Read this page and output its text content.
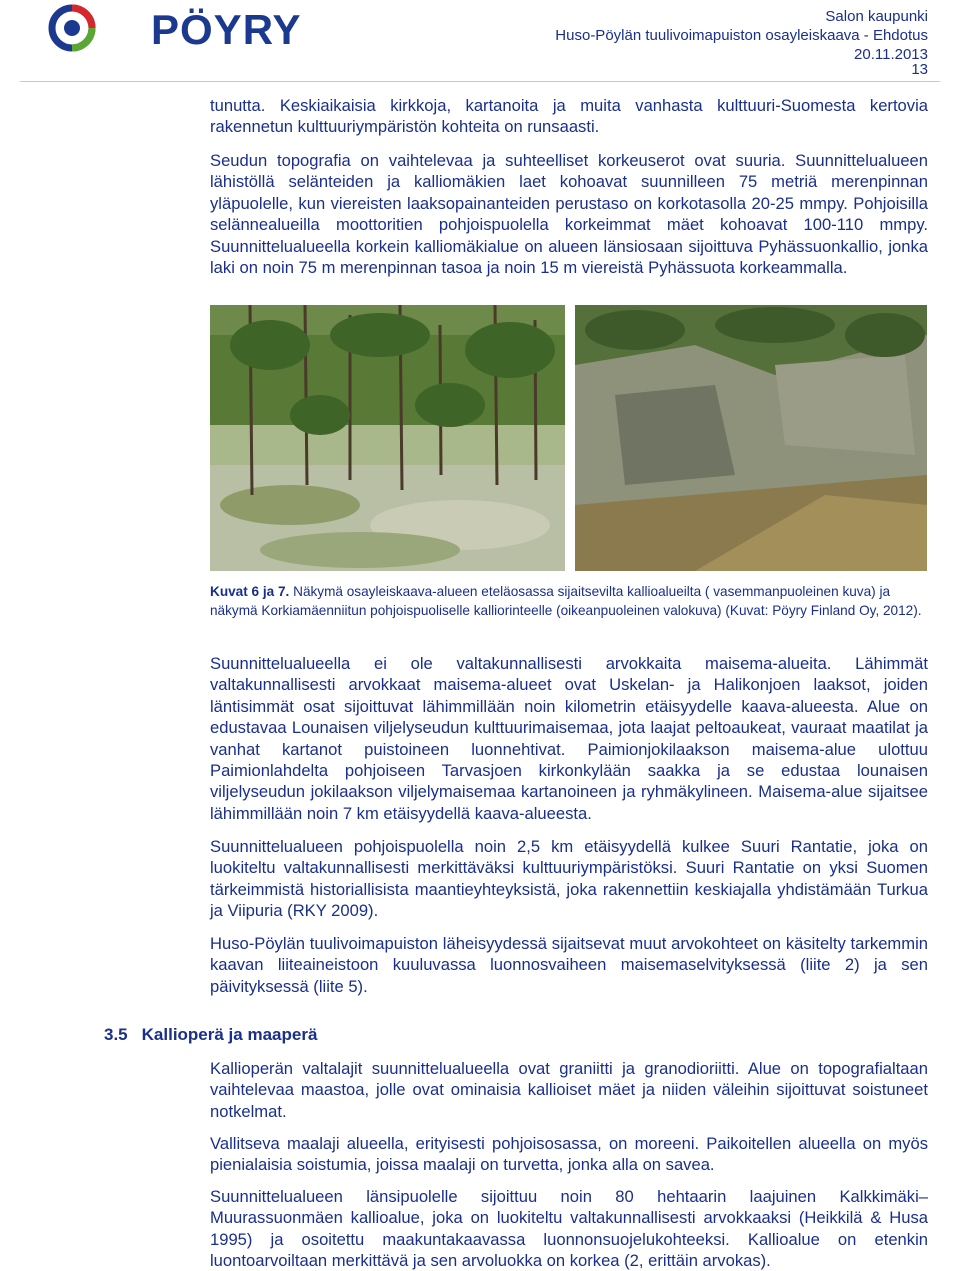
PÖYRY	Salon kaupunki
Huso-Pöylän tuulivoimapuiston osayleiskaava - Ehdotus
20.11.2013
13
tunutta. Keskiaikaisia kirkkoja, kartanoita ja muita vanhasta kulttuuri-Suomesta kertovia rakennetun kulttuuriympäristön kohteita on runsaasti.
Seudun topografia on vaihtelevaa ja suhteelliset korkeuserot ovat suuria. Suunnittelualueen lähistöllä selänteiden ja kalliomäkien laet kohoavat suunnilleen 75 metriä merenpinnan yläpuolelle, kun viereisten laaksopainanteiden perustaso on korkotasolla 20-25 mmpy. Pohjoisilla selännealueilla moottoritien pohjoispuolella korkeimmat mäet kohoavat 100-110 mmpy. Suunnittelualueella korkein kalliomäkialue on alueen länsiosaan sijoittuva Pyhässuonkallio, jonka laki on noin 75 m merenpinnan tasoa ja noin 15 m viereistä Pyhässuota korkeammalla.
Kuvat 6 ja 7. Näkymä osayleiskaava-alueen eteläosassa sijaitsevilta kallioalueilta ( vasemmanpuoleinen kuva) ja näkymä Korkiamäenniitun pohjoispuoliselle kalliorinteelle (oikeanpuoleinen valokuva) (Kuvat: Pöyry Finland Oy, 2012).
Suunnittelualueella ei ole valtakunnallisesti arvokkaita maisema-alueita. Lähimmät valtakunnallisesti arvokkaat maisema-alueet ovat Uskelan- ja Halikonjoen laaksot, joiden läntisimmät osat sijoittuvat lähimmillään noin kilometrin etäisyydelle kaava-alueesta. Alue on edustavaa Lounaisen viljelyseudun kulttuurimaisemaa, jota laajat peltoaukeat, vauraat maatilat ja vanhat kartanot puistoineen luonnehtivat. Paimionjokilaakson maisema-alue ulottuu Paimionlahdelta pohjoiseen Tarvasjoen kirkonkylään saakka ja se edustaa lounaisen viljelyseudun jokilaakson viljelymaisemaa kartanoineen ja ryhmäkylineen. Maisema-alue sijaitsee lähimmillään noin 7 km etäisyydellä kaava-alueesta.
Suunnittelualueen pohjoispuolella noin 2,5 km etäisyydellä kulkee Suuri Rantatie, joka on luokiteltu valtakunnallisesti merkittäväksi kulttuuriympäristöksi. Suuri Rantatie on yksi Suomen tärkeimmistä historiallisista maantieyhteyksistä, joka rakennettiin keskiajalla yhdistämään Turkua ja Viipuria (RKY 2009).
Huso-Pöylän tuulivoimapuiston läheisyydessä sijaitsevat muut arvokohteet on käsitelty tarkemmin kaavan liiteaineistoon kuuluvassa luonnosvaiheen maisemaselvityksessä (liite 2) ja sen päivityksessä (liite 5).
3.5 Kallioperä ja maaperä
Kallioperän valtalajit suunnittelualueella ovat graniitti ja granodioriitti. Alue on topografialtaan vaihtelevaa maastoa, jolle ovat ominaisia kallioiset mäet ja niiden väleihin sijoittuvat soistuneet notkelmat.
Vallitseva maalaji alueella, erityisesti pohjoisosassa, on moreeni. Paikoitellen alueella on myös pienialaisia soistumia, joissa maalaji on turvetta, jonka alla on savea.
Suunnittelualueen länsipuolelle sijoittuu noin 80 hehtaarin laajuinen Kalkkimäki–Muurassuonmäen kallioalue, joka on luokiteltu valtakunnallisesti arvokkaaksi (Heikkilä & Husa 1995) ja osoitettu maakuntakaavassa luonnonsuojelukohteeksi. Kallioalue on etenkin luontoarvoiltaan merkittävä ja sen arvoluokka on korkea (2, erittäin arvokas).
